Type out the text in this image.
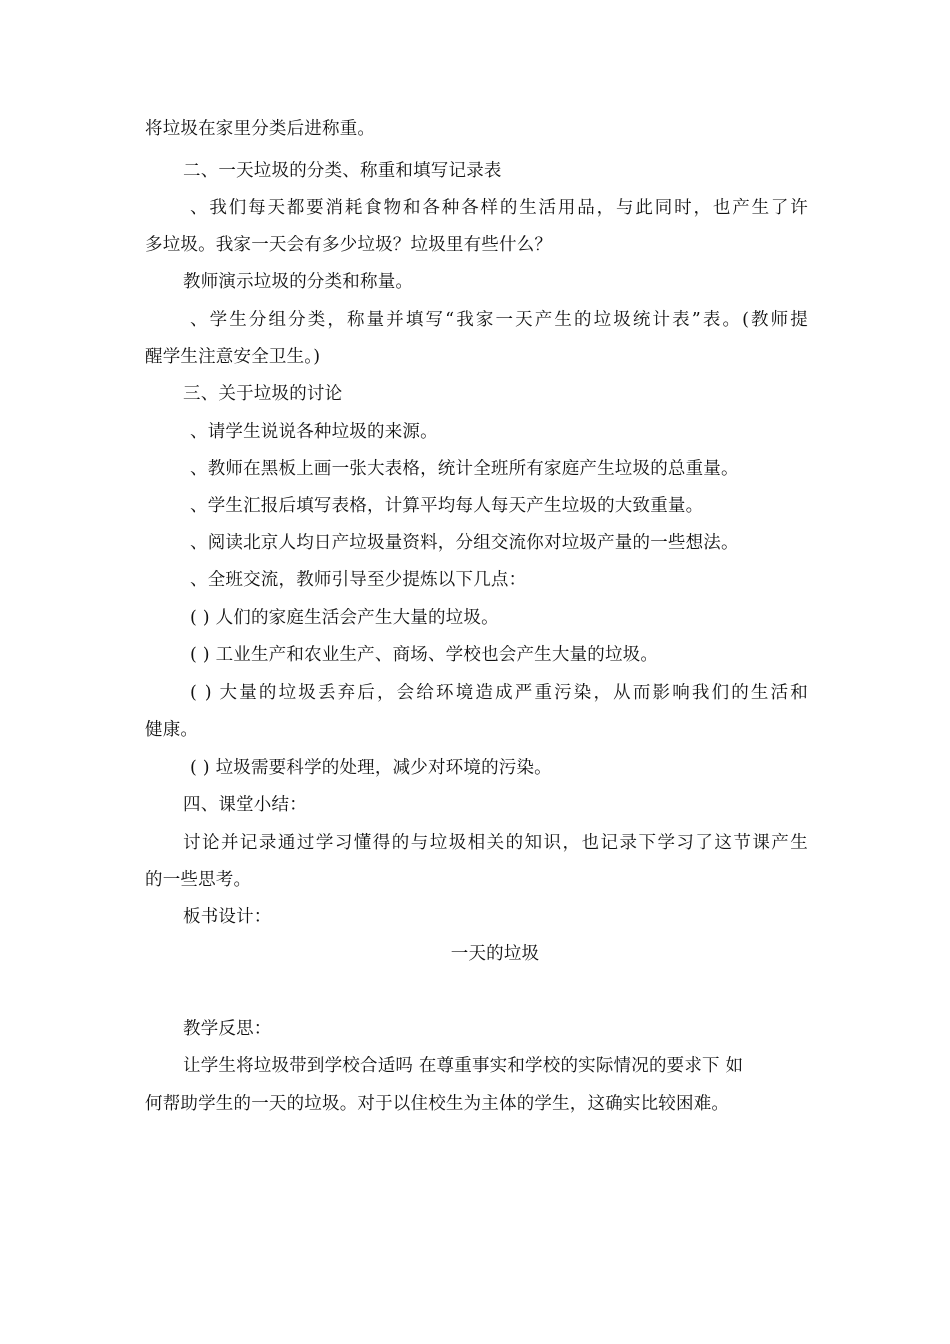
将垃圾在家里分类后进称重。
二、一天垃圾的分类、称重和填写记录表
、我们每天都要消耗食物和各种各样的生活用品，与此同时，也产生了许
多垃圾。我家一天会有多少垃圾？垃圾里有些什么？
教师演示垃圾的分类和称量。
、学生分组分类，称量并填写“我家一天产生的垃圾统计表”表。(教师提
醒学生注意安全卫生。)
三、关于垃圾的讨论
、请学生说说各种垃圾的来源。
、教师在黑板上画一张大表格，统计全班所有家庭产生垃圾的总重量。
、学生汇报后填写表格，计算平均每人每天产生垃圾的大致重量。
、阅读北京人均日产垃圾量资料，分组交流你对垃圾产量的一些想法。
、全班交流，教师引导至少提炼以下几点：
( ) 人们的家庭生活会产生大量的垃圾。
( ) 工业生产和农业生产、商场、学校也会产生大量的垃圾。
( ) 大量的垃圾丢弃后，会给环境造成严重污染，从而影响我们的生活和
健康。
( ) 垃圾需要科学的处理，减少对环境的污染。
四、课堂小结：
讨论并记录通过学习懂得的与垃圾相关的知识，也记录下学习了这节课产生
的一些思考。
板书设计：
一天的垃圾
教学反思：
让学生将垃圾带到学校合适吗 在尊重事实和学校的实际情况的要求下 如
何帮助学生的一天的垃圾。对于以住校生为主体的学生，这确实比较困难。
